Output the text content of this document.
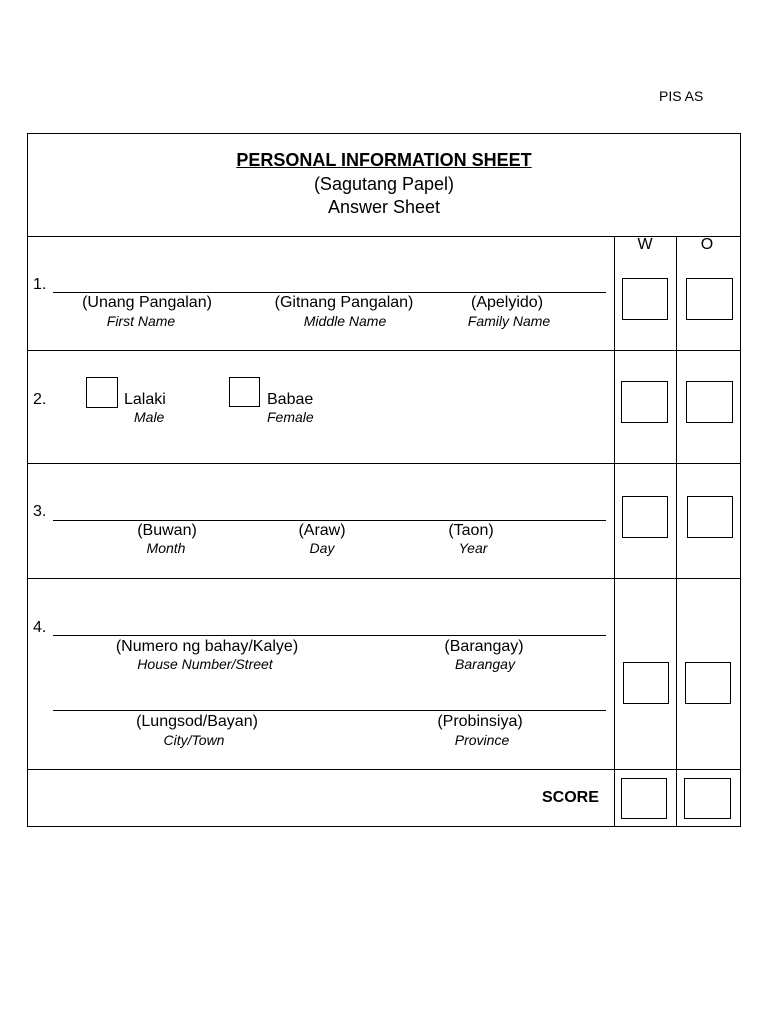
PIS AS
PERSONAL INFORMATION SHEET
(Sagutang Papel)
Answer Sheet
W	O
1.
(Unang Pangalan)
First Name
(Gitnang Pangalan)
Middle Name
(Apelyido)
Family Name
2.	Lalaki
Male
Babae
Female
3.
(Buwan)
Month
(Araw)
Day
(Taon)
Year
4.
(Numero ng bahay/Kalye)
House Number/Street
(Barangay)
Barangay
(Lungsod/Bayan)
City/Town
(Probinsiya)
Province
SCORE
